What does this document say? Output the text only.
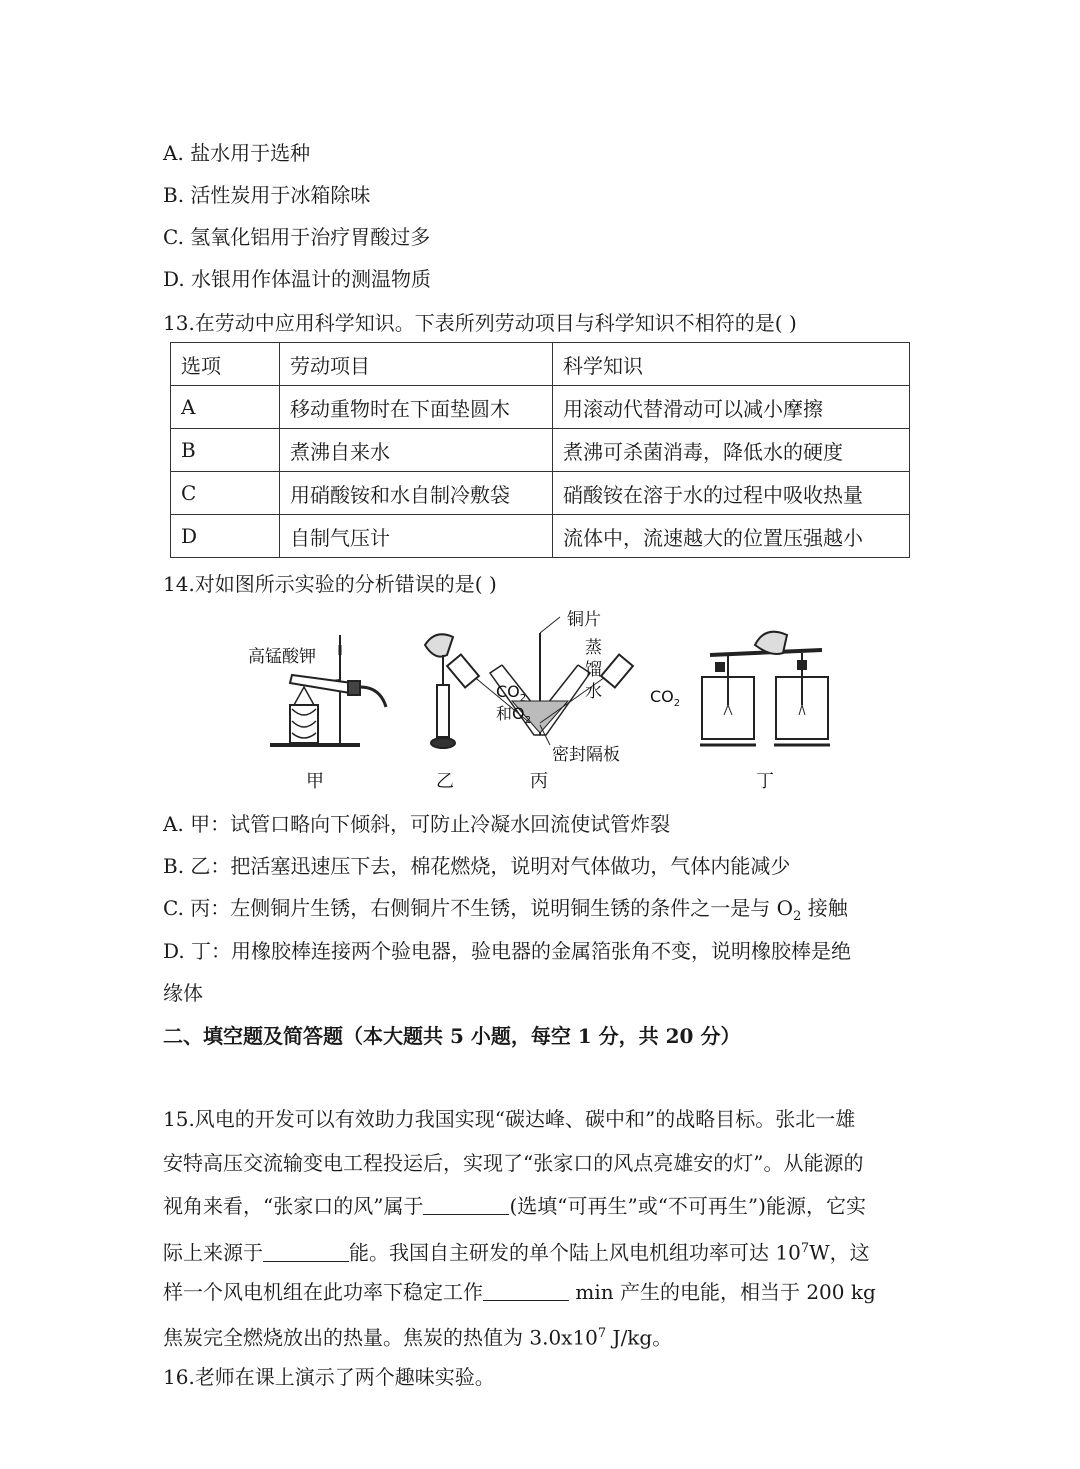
A. 盐水用于选种
B. 活性炭用于冰箱除味
C. 氢氧化铝用于治疗胃酸过多
D. 水银用作体温计的测温物质
13.在劳动中应用科学知识。下表所列劳动项目与科学知识不相符的是( )
选项	劳动项目	科学知识
A	移动重物时在下面垫圆木	用滚动代替滑动可以减小摩擦
B	煮沸自来水	煮沸可杀菌消毒，降低水的硬度
C	用硝酸铵和水自制冷敷袋	硝酸铵在溶于水的过程中吸收热量
D	自制气压计	流体中，流速越大的位置压强越小
14.对如图所示实验的分析错误的是( )
高锰酸钾
铜片
蒸
馏
水
$CO_2$
和$O_2$
$CO_2$
密封隔板
甲	乙	丙	丁
A. 甲：试管口略向下倾斜，可防止冷凝水回流使试管炸裂
B. 乙：把活塞迅速压下去，棉花燃烧，说明对气体做功，气体内能减少
C. 丙：左侧铜片生锈，右侧铜片不生锈，说明铜生锈的条件之一是与 $O_2$ 接触
D. 丁：用橡胶棒连接两个验电器，验电器的金属箔张角不变，说明橡胶棒是绝
缘体
二、填空题及简答题（本大题共 5 小题，每空 1 分，共 20 分）
15.风电的开发可以有效助力我国实现“碳达峰、碳中和”的战略目标。张北一雄
安特高压交流输变电工程投运后，实现了“张家口的风点亮雄安的灯”。从能源的
视角来看，“张家口的风”属于	(选填“可再生”或“不可再生”)能源，它实
际上来源于	能。我国自主研发的单个陆上风电机组功率可达 $10^7W$，这
样一个风电机组在此功率下稳定工作	min 产生的电能，相当于 200 kg
焦炭完全燃烧放出的热量。焦炭的热值为 $3.0x10^7$ J/kg。
16.老师在课上演示了两个趣味实验。
